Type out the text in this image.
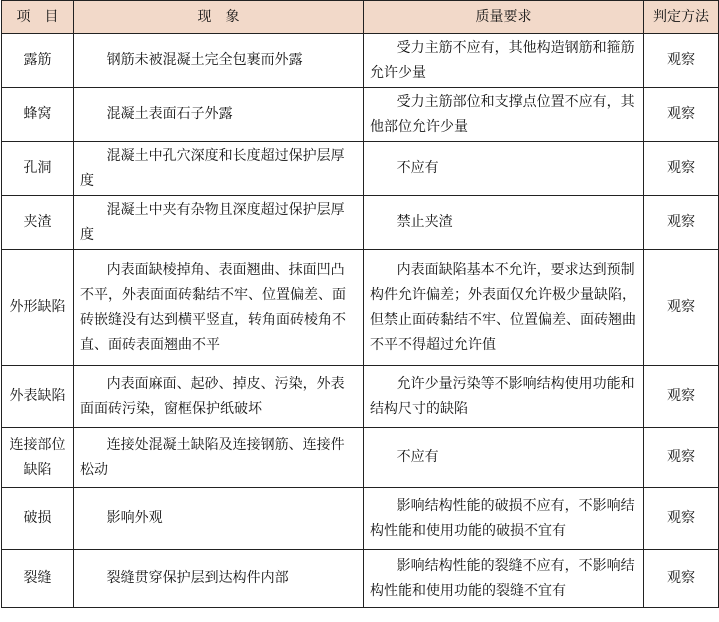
项　目	现　象	质量要求	判定方法
露筋	钢筋未被混凝土完全包裹而外露	受力主筋不应有，其他构造钢筋和箍筋允许少量	观察
蜂窝	混凝土表面石子外露	受力主筋部位和支撑点位置不应有，其他部位允许少量	观察
孔洞	混凝土中孔穴深度和长度超过保护层厚度	不应有	观察
夹渣	混凝土中夹有杂物且深度超过保护层厚度	禁止夹渣	观察
外形缺陷	内表面缺棱掉角、表面翘曲、抹面凹凸不平，外表面面砖黏结不牢、位置偏差、面砖嵌缝没有达到横平竖直，转角面砖棱角不直、面砖表面翘曲不平	内表面缺陷基本不允许，要求达到预制构件允许偏差；外表面仅允许极少量缺陷，但禁止面砖黏结不牢、位置偏差、面砖翘曲不平不得超过允许值	观察
外表缺陷	内表面麻面、起砂、掉皮、污染，外表面面砖污染，窗框保护纸破坏	允许少量污染等不影响结构使用功能和结构尺寸的缺陷	观察
连接部位缺陷	连接处混凝土缺陷及连接钢筋、连接件松动	不应有	观察
破损	影响外观	影响结构性能的破损不应有，不影响结构性能和使用功能的破损不宜有	观察
裂缝	裂缝贯穿保护层到达构件内部	影响结构性能的裂缝不应有，不影响结构性能和使用功能的裂缝不宜有	观察
